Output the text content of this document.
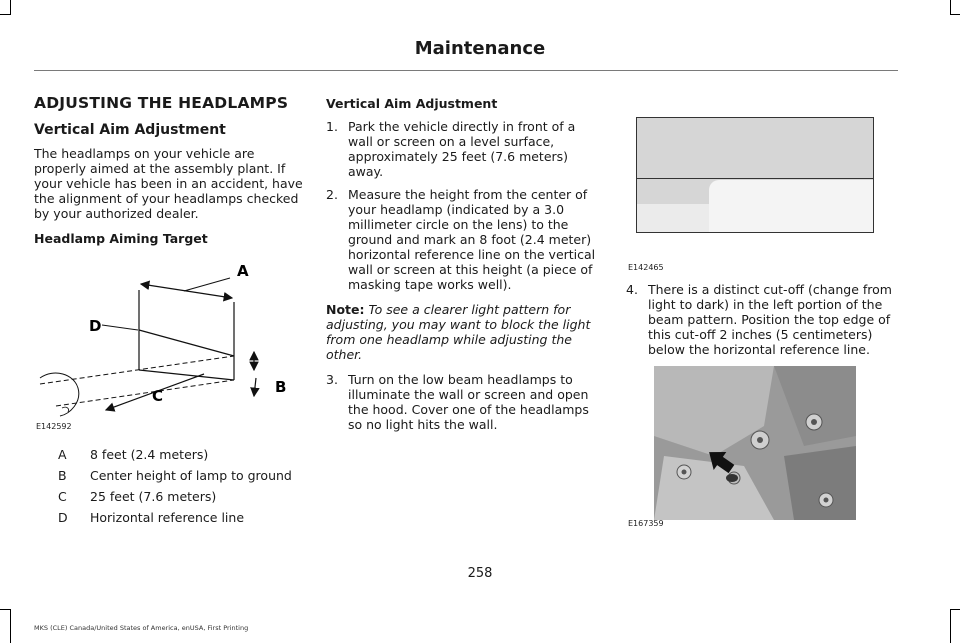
Maintenance
ADJUSTING THE HEADLAMPS
Vertical Aim Adjustment

The headlamps on your vehicle are properly aimed at the assembly plant. If your vehicle has been in an accident, have the alignment of your headlamps checked by your authorized dealer.

Headlamp Aiming Target
A
B
C
D
E142592
A	8 feet (2.4 meters)
B	Center height of lamp to ground
C	25 feet (7.6 meters)
D	Horizontal reference line
Vertical Aim Adjustment
1. Park the vehicle directly in front of a wall or screen on a level surface, approximately 25 feet (7.6 meters) away.
2. Measure the height from the center of your headlamp (indicated by a 3.0 millimeter circle on the lens) to the ground and mark an 8 foot (2.4 meter) horizontal reference line on the vertical wall or screen at this height (a piece of masking tape works well).

Note: To see a clearer light pattern for adjusting, you may want to block the light from one headlamp while adjusting the other.

3. Turn on the low beam headlamps to illuminate the wall or screen and open the hood. Cover one of the headlamps so no light hits the wall.
E142465
4. There is a distinct cut-off (change from light to dark) in the left portion of the beam pattern. Position the top edge of this cut-off 2 inches (5 centimeters) below the horizontal reference line.
E167359
258
MKS (CLE) Canada/United States of America, enUSA, First Printing
